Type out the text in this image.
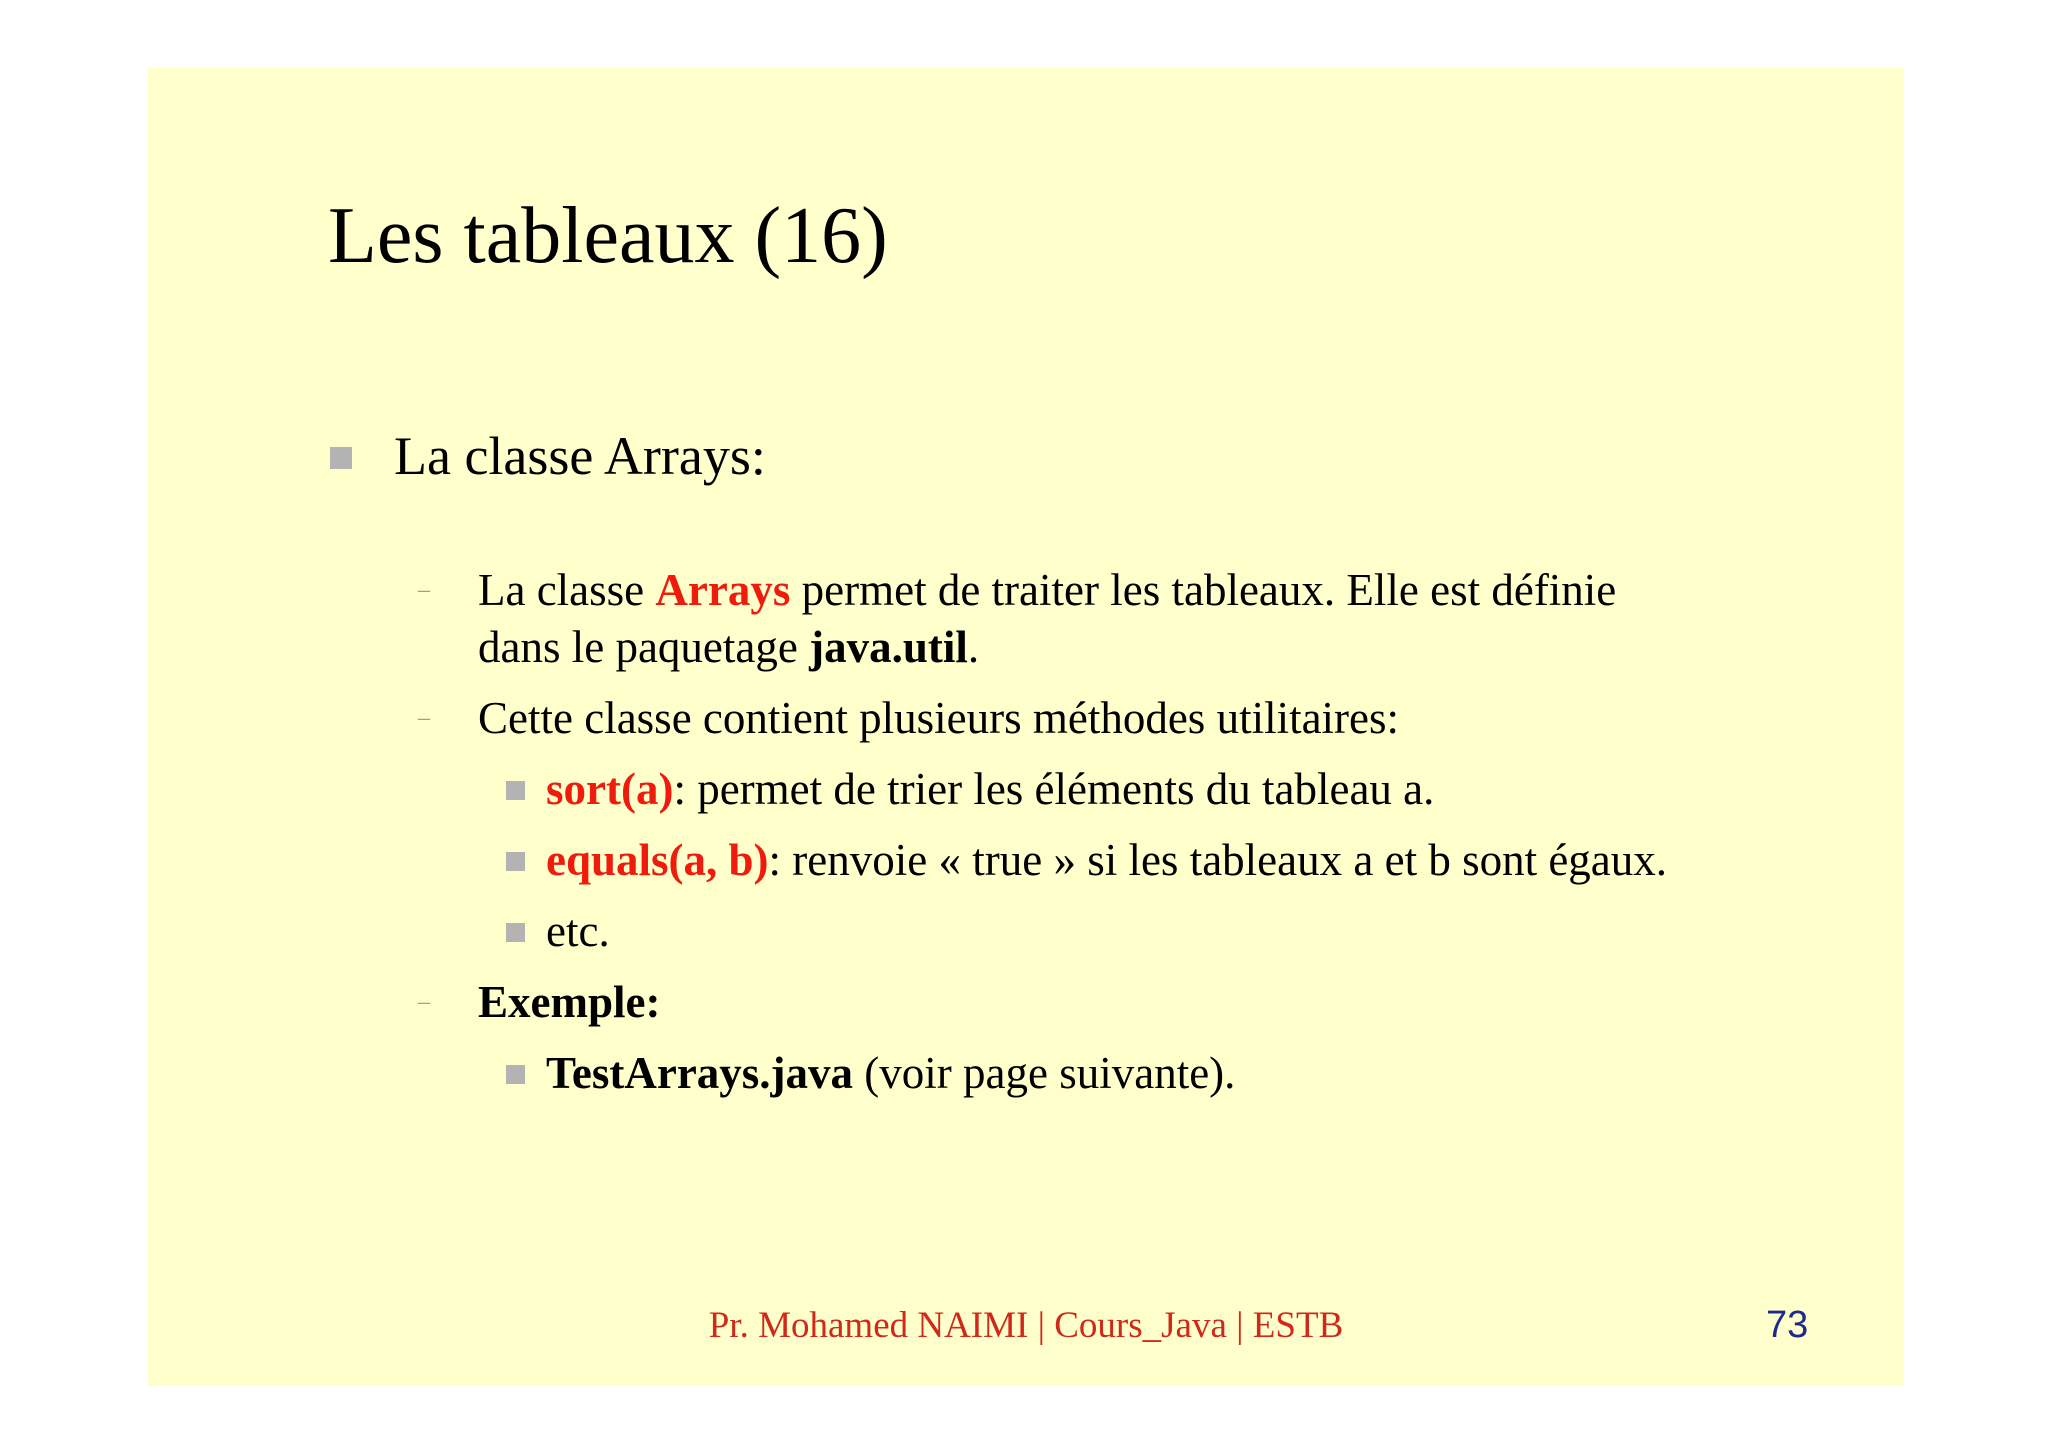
Les tableaux (16)
La classe Arrays:
– La classe Arrays permet de traiter les tableaux. Elle est définie
dans le paquetage java.util.
– Cette classe contient plusieurs méthodes utilitaires:
sort(a): permet de trier les éléments du tableau a.
equals(a, b): renvoie « true » si les tableaux a et b sont égaux.
etc.
– Exemple:
TestArrays.java (voir page suivante).
Pr. Mohamed NAIMI | Cours_Java | ESTB	73
